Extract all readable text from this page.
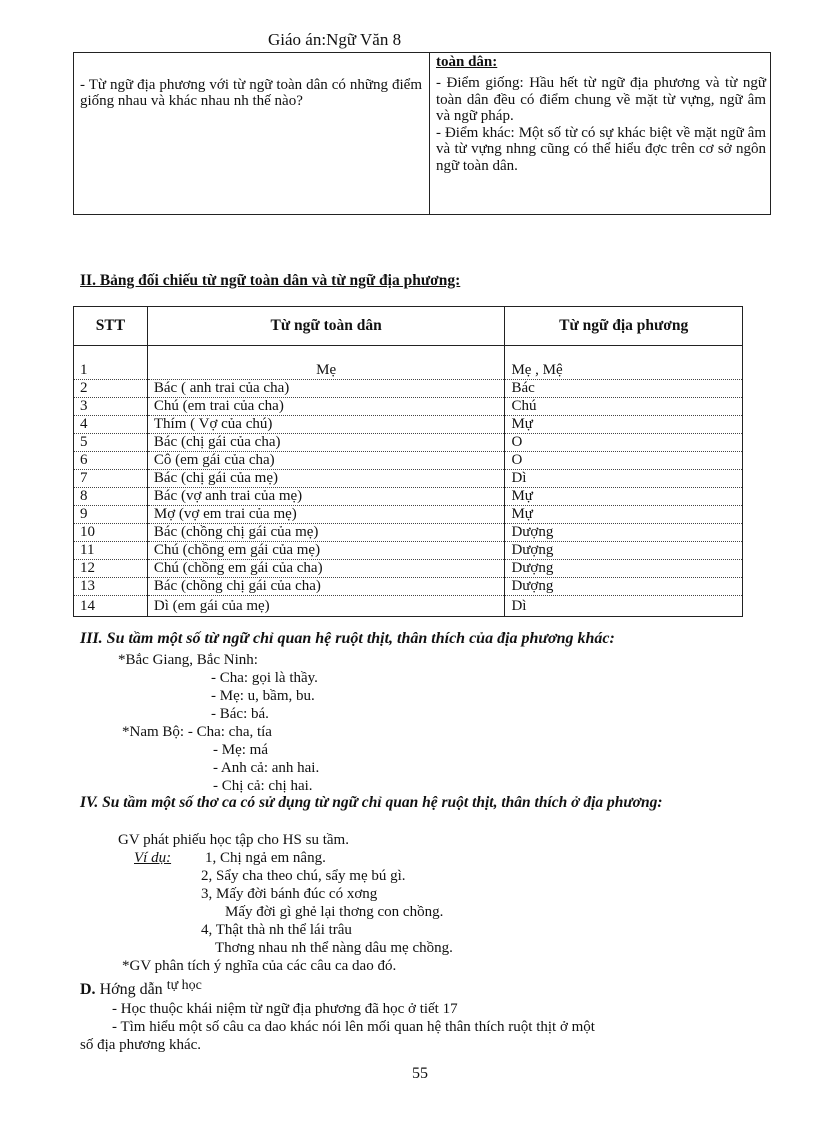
Giáo án:Ngữ Văn 8
- Từ ngữ địa phương với từ ngữ toàn dân có những điểm giống nhau và khác nhau nh thế nào?
toàn dân:
- Điểm giống: Hầu hết từ ngữ địa phương và từ ngữ toàn dân đều có điểm chung về mặt từ vựng, ngữ âm và ngữ pháp.
- Điểm khác: Một số từ có sự khác biệt về mặt ngữ âm và từ vựng nhng cũng có thể hiểu đợc trên cơ sở ngôn ngữ toàn dân.
II. Bảng đối chiếu từ ngữ toàn dân và từ ngữ địa phương:
STT	Từ ngữ toàn dân	Từ ngữ địa phương
1	Mẹ	Mẹ , Mệ
2	Bác ( anh trai của cha)	Bác
3	Chú (em trai của cha)	Chú
4	Thím ( Vợ của chú)	Mự
5	Bác (chị gái của cha)	O
6	Cô (em gái của cha)	O
7	Bác (chị gái của mẹ)	Dì
8	Bác (vợ anh trai của mẹ)	Mự
9	Mợ (vợ em trai của mẹ)	Mự
10	Bác (chồng chị gái của mẹ)	Dượng
11	Chú (chồng em gái của mẹ)	Dượng
12	Chú (chồng em gái của cha)	Dượng
13	Bác (chồng chị gái của cha)	Dượng
14	Dì (em gái của mẹ)	Dì
III. Su tầm một số từ ngữ chỉ quan hệ ruột thịt, thân thích của địa phương khác:
*Bắc Giang, Bắc Ninh:
- Cha: gọi là thầy.
- Mẹ: u, bầm, bu.
- Bác: bá.
*Nam Bộ: - Cha: cha, tía
- Mẹ: má
- Anh cả: anh hai.
- Chị cả: chị hai.
IV. Su tầm một số thơ ca có sử dụng từ ngữ chỉ quan hệ ruột thịt, thân thích ở địa phương:
GV phát phiếu học tập cho HS su tầm.
Ví dụ: 1, Chị ngả em nâng.
2, Sẩy cha theo chú, sẩy mẹ bú gì.
3, Mấy đời bánh đúc có xơng
Mấy đời gì ghẻ lại thơng con chồng.
4, Thật thà nh thể lái trâu
Thơng nhau nh thể nàng dâu mẹ chồng.
*GV phân tích ý nghĩa của các câu ca dao đó.
D. Hớng dẫn $^{tự học}$
- Học thuộc khái niệm từ ngữ địa phương đã học ở tiết 17
- Tìm hiểu một số câu ca dao khác nói lên mối quan hệ thân thích ruột thịt ở một
số địa phương khác.
55
